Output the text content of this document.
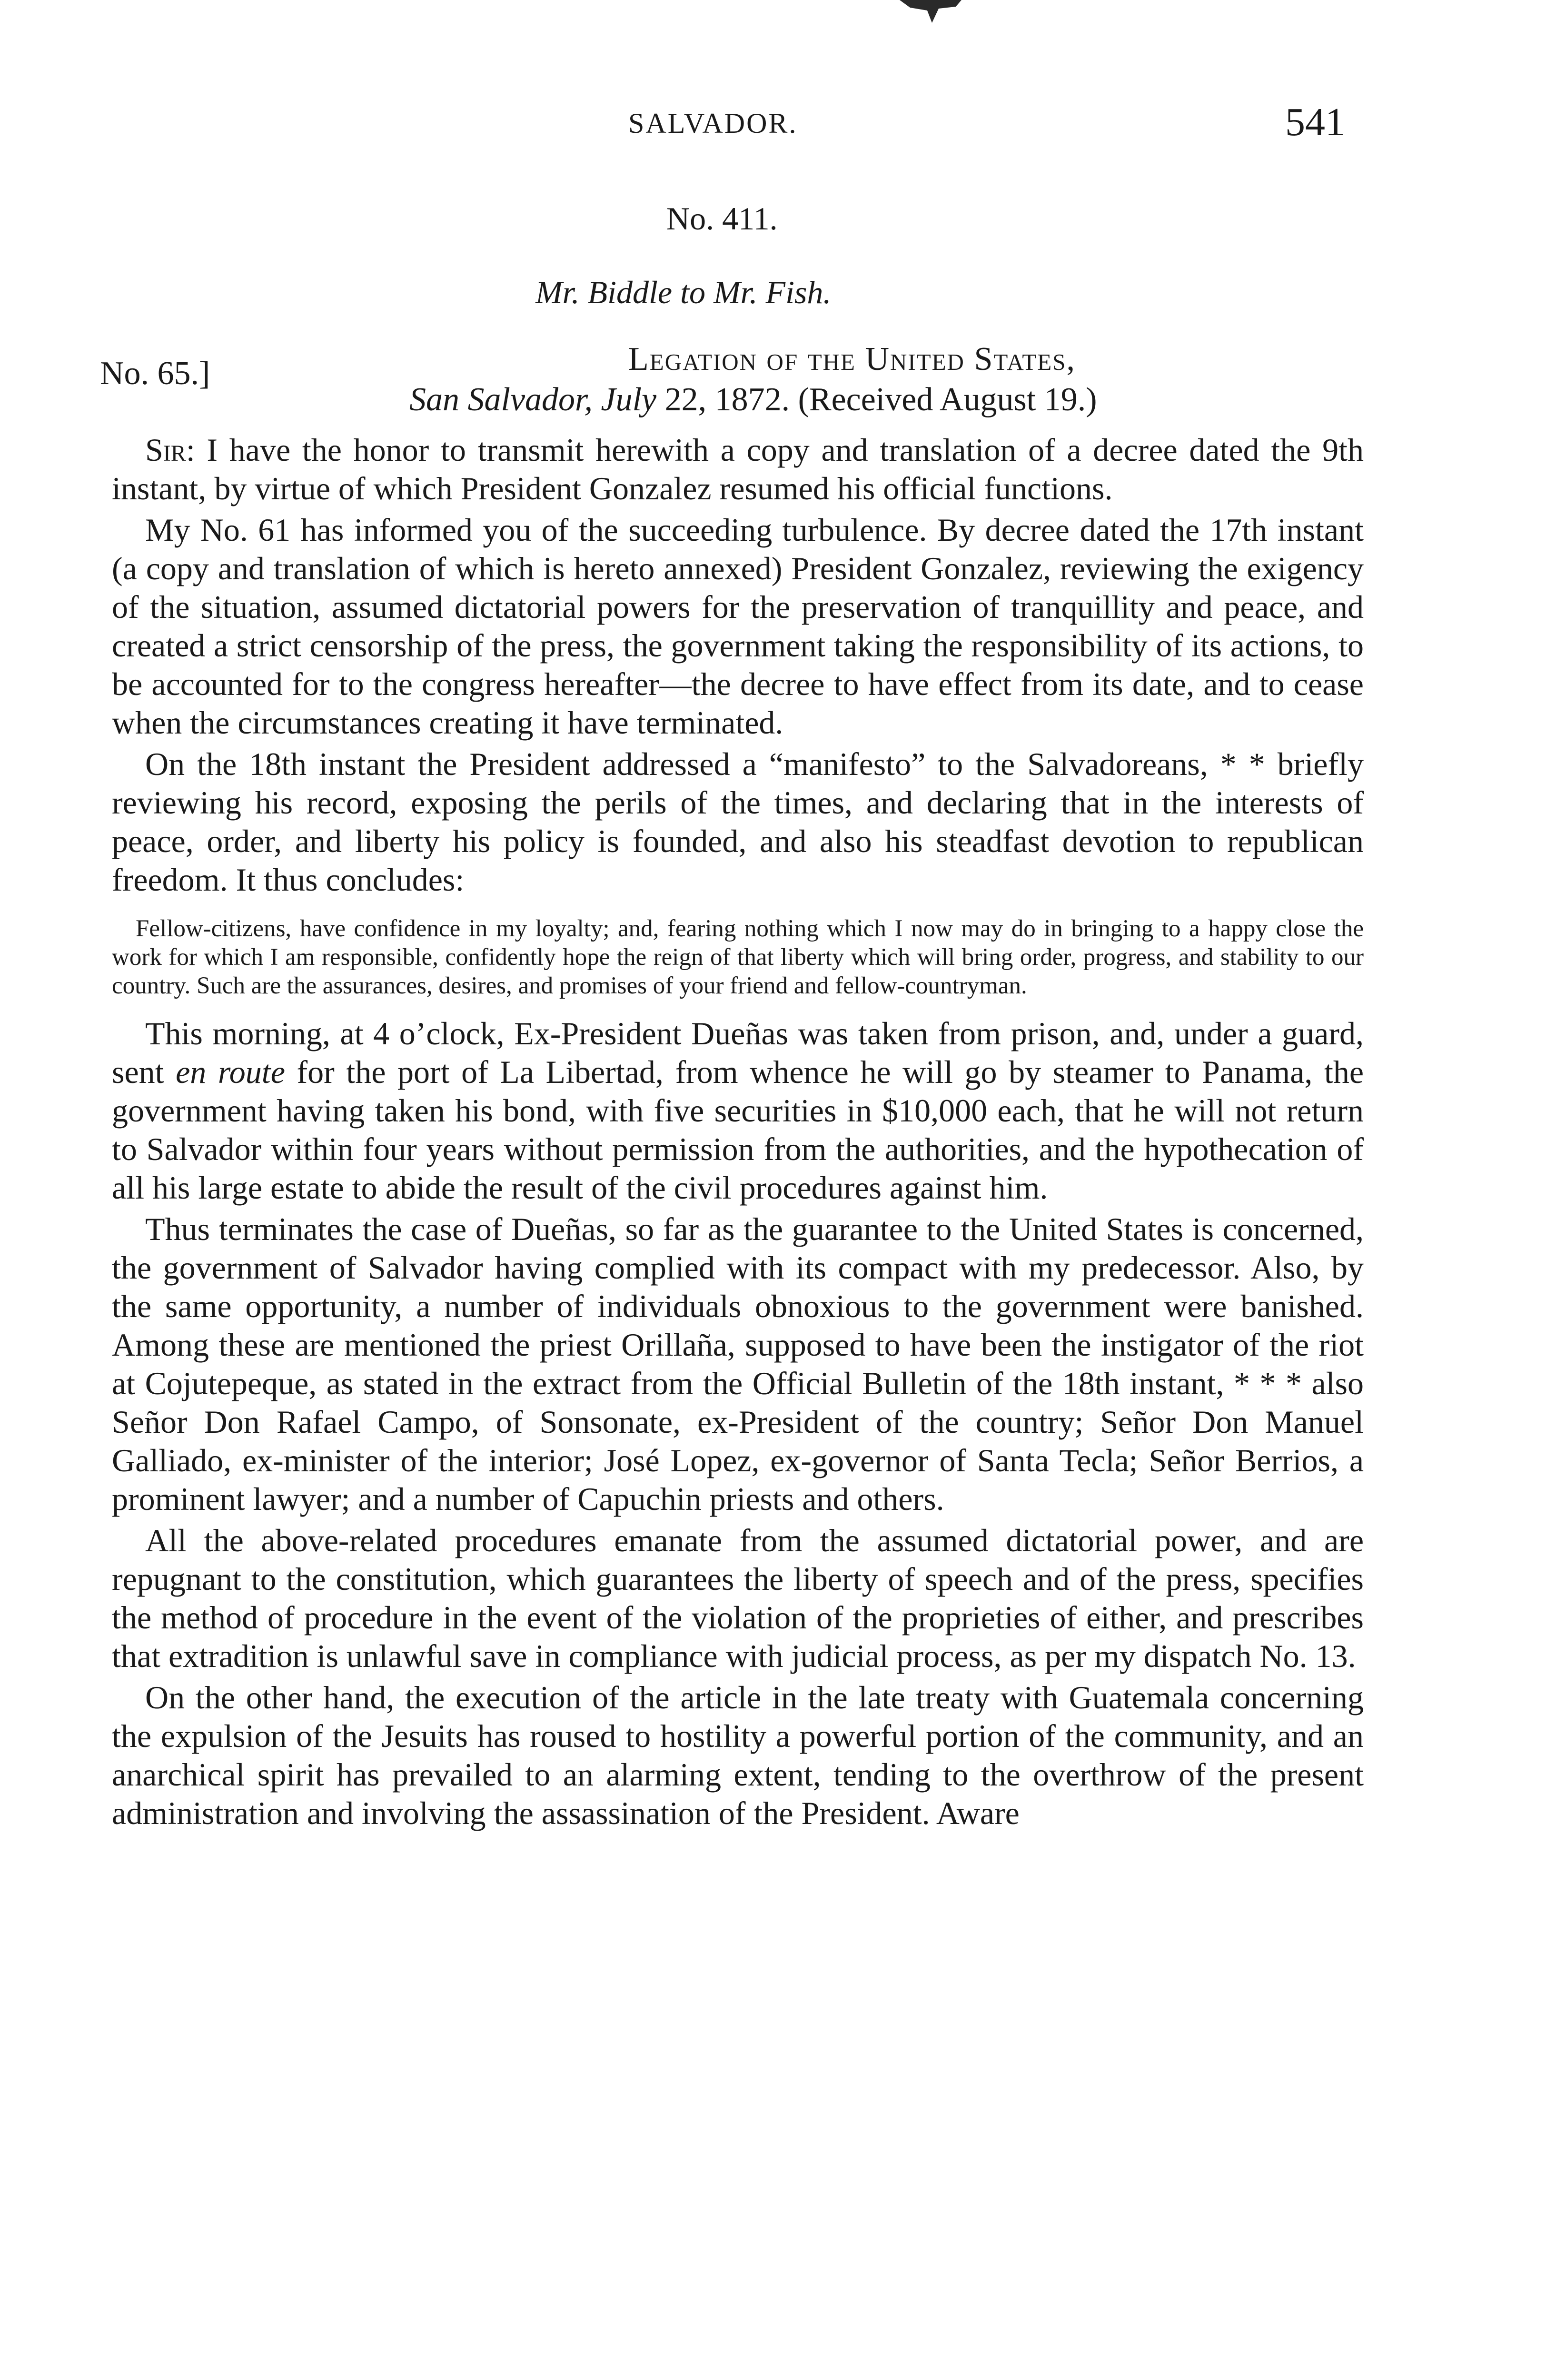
SALVADOR.	541
No. 411.
Mr. Biddle to Mr. Fish.
No. 65.]	Legation of the United States,
San Salvador, July 22, 1872. (Received August 19.)

Sir: I have the honor to transmit herewith a copy and translation of a decree dated the 9th instant, by virtue of which President Gonzalez resumed his official functions.

My No. 61 has informed you of the succeeding turbulence. By decree dated the 17th instant (a copy and translation of which is hereto annexed) President Gonzalez, reviewing the exigency of the situation, assumed dictatorial powers for the preservation of tranquillity and peace, and created a strict censorship of the press, the government taking the responsibility of its actions, to be accounted for to the congress hereafter—the decree to have effect from its date, and to cease when the circumstances creating it have terminated.

On the 18th instant the President addressed a “manifesto” to the Salvadoreans, * * briefly reviewing his record, exposing the perils of the times, and declaring that in the interests of peace, order, and liberty his policy is founded, and also his steadfast devotion to republican freedom. It thus concludes:

Fellow-citizens, have confidence in my loyalty; and, fearing nothing which I now may do in bringing to a happy close the work for which I am responsible, confidently hope the reign of that liberty which will bring order, progress, and stability to our country. Such are the assurances, desires, and promises of your friend and fellow-countryman.

This morning, at 4 o’clock, Ex-President Dueñas was taken from prison, and, under a guard, sent en route for the port of La Libertad, from whence he will go by steamer to Panama, the government having taken his bond, with five securities in $10,000 each, that he will not return to Salvador within four years without permission from the authorities, and the hypothecation of all his large estate to abide the result of the civil procedures against him.

Thus terminates the case of Dueñas, so far as the guarantee to the United States is concerned, the government of Salvador having complied with its compact with my predecessor. Also, by the same opportunity, a number of individuals obnoxious to the government were banished. Among these are mentioned the priest Orillaña, supposed to have been the instigator of the riot at Cojutepeque, as stated in the extract from the Official Bulletin of the 18th instant, * * * also Señor Don Rafael Campo, of Sonsonate, ex-President of the country; Señor Don Manuel Galliado, ex-minister of the interior; José Lopez, ex-governor of Santa Tecla; Señor Berrios, a prominent lawyer; and a number of Capuchin priests and others.

All the above-related procedures emanate from the assumed dictatorial power, and are repugnant to the constitution, which guarantees the liberty of speech and of the press, specifies the method of procedure in the event of the violation of the proprieties of either, and prescribes that extradition is unlawful save in compliance with judicial process, as per my dispatch No. 13.

On the other hand, the execution of the article in the late treaty with Guatemala concerning the expulsion of the Jesuits has roused to hostility a powerful portion of the community, and an anarchical spirit has prevailed to an alarming extent, tending to the overthrow of the present administration and involving the assassination of the President. Aware
